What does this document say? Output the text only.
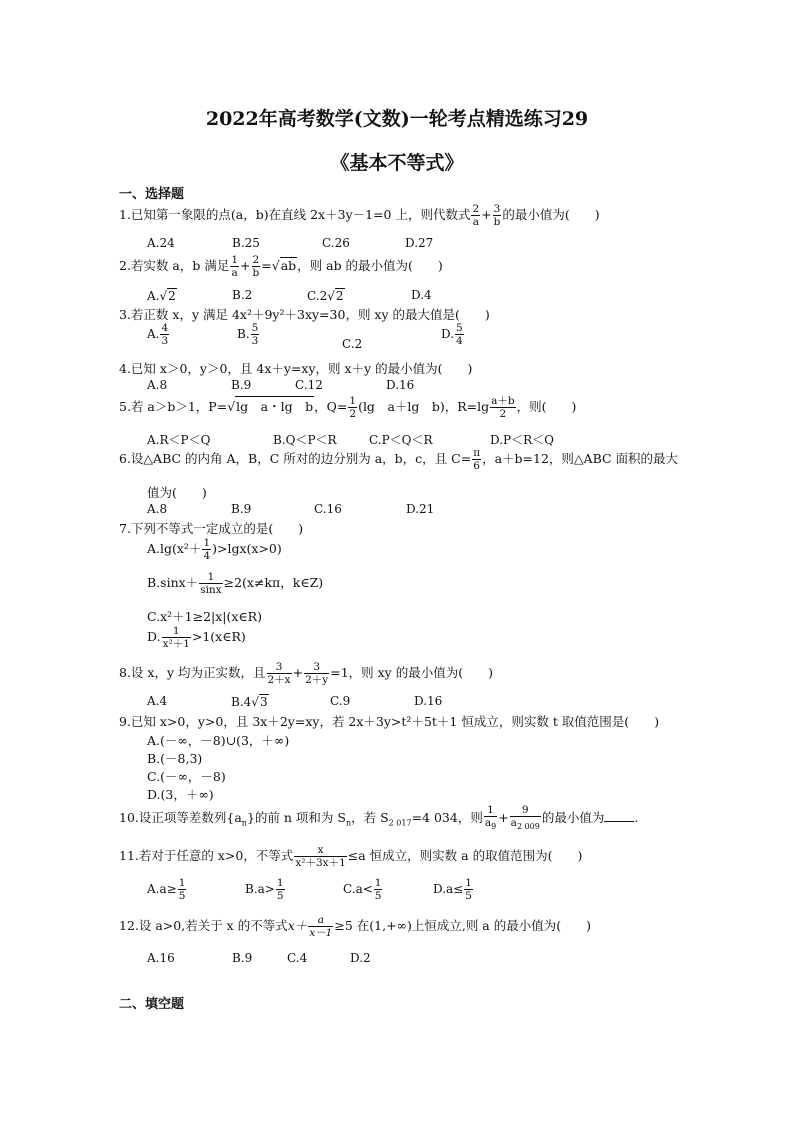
2022年高考数学(文数)一轮考点精选练习29
《基本不等式》
一、选择题
1.已知第一象限的点(a，b)在直线 2x＋3y－1=0 上，则代数式 $\frac{2}{a} + \frac{3}{b}$ 的最小值为(　　)
A.24	B.25	C.26	D.27
2.若实数 a，b 满足 $\frac{1}{a} + \frac{2}{b} =√ab$，则 ab 的最小值为(　　)
A.√2	B.2	C.2√2	D.4
3.若正数 x，y 满足 4x²＋9y²＋3xy=30，则 xy 的最大值是(　　)
A. $\frac{4}{3}$	B. $\frac{5}{3}$	C.2
D. $\frac{5}{4}$
4.已知 x＞0，y＞0，且 4x＋y=xy，则 x＋y 的最小值为(　　)
A.8	B.9	C.12	D.16
5.若 a＞b＞1，P=√lg　a・lg　b，$Q= \frac{1}{2} (\lg$　a＋lg　b)，$R=\lg \frac{a+b}{2}$ ，则(　　)
A.R＜P＜Q	B.Q＜P＜R	C.P＜Q＜R	D.P＜R＜Q
6.设△ABC 的内角 A，B，C 所对的边分别为 a，b，c，且 $C= \frac{\pi}{6}$ ，a＋b=12，则△ABC 面积的最大
值为(　　)
A.8	B.9	C.16	D.21
7.下列不等式一定成立的是(　　)
$A.\lg(x^2+ \frac{1}{4} )>\lg x(x>0)$
$B.\sin x+ \frac{1}{\sin x} \ge 2(x\ne k\pi$，k∈Z)
C.x²＋1≥2|x|(x∈R)
D. $\frac{1}{\text{x²＋1}}$ >1(x∈R)
8.设 x，y 均为正实数，且 $\frac{3}{2+x} + \frac{3}{2+y} =1$，则 xy 的最小值为(　　)
A.4	B.4√3	C.9	D.16
9.已知 x>0，y>0，且 3x＋2y=xy，若 2x＋3y>t²＋5t＋1 恒成立，则实数 t 取值范围是(　　)
A.(－∞，－8)∪(3，＋∞)
B.(－8,3)
C.(－∞，－8)
D.(3，＋∞)
10.设正项等差数列$\{a_n\}$的前 n 项和为 $S_n$，若 $S_{2 017}=4$ 034，则 $\frac{1}{a_9} + \frac{9}{a_{2 009}}$ 的最小值为 .
11.若对于任意的 x>0，不等式 $\frac{x}{\text{x²＋3x＋1}} \le a$ 恒成立，则实数 a 的取值范围为(　　)
$A.a\ge \frac{1}{5}$	$B.a> \frac{1}{5}$	$C.a< \frac{1}{5}$	$D.a\le \frac{1}{5}$
12.设 a>0,若关于 x 的不等式$x+ \frac{a}{x-1} \ge 5$ 在(1,+∞)上恒成立,则 a 的最小值为(　　)
A.16	B.9	C.4	D.2
二、填空题
